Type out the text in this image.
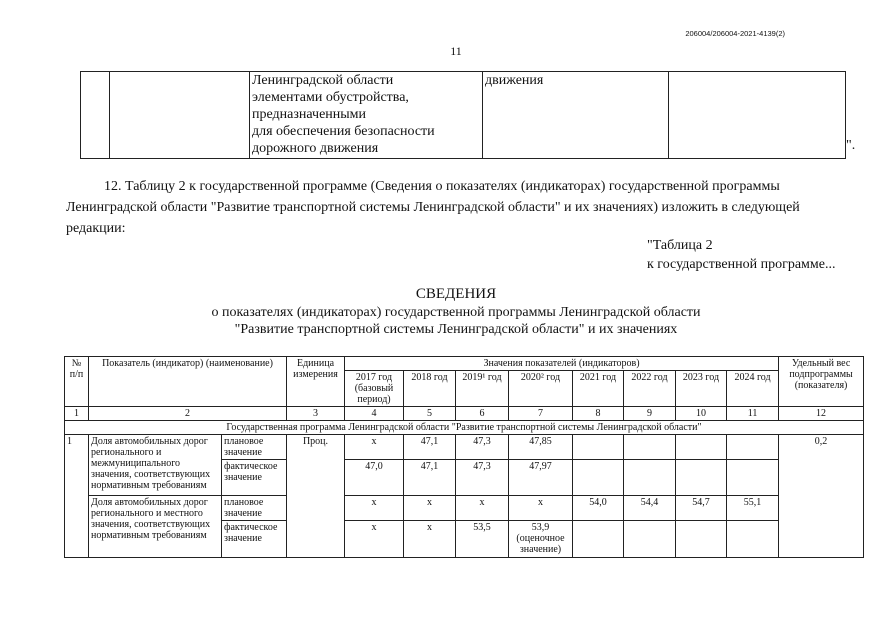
206004/206004-2021-4139(2)
11

Ленинградской области
элементами обустройства,
предназначенными
для обеспечения безопасности
дорожного движения
	движения	
".
12. Таблицу 2 к государственной программе (Сведения о показателях (индикаторах) государственной программы
Ленинградской области "Развитие транспортной системы Ленинградской области" и их значениях) изложить в следующей
редакции:
"Таблица 2
к государственной программе...
СВЕДЕНИЯ
о показателях (индикаторах) государственной программы Ленинградской области
"Развитие транспортной системы Ленинградской области" и их значениях
№ п/п	Показатель (индикатор) (наименование)		Единица измерения	Значения показателей (индикаторов)								Удельный вес подпрограммы (показателя)
				2017 год (базовый период)	2018 год	2019¹ год	2020² год	2021 год	2022 год	2023 год	2024 год	
1	2		3	4	5	6	7	8	9	10	11	12
Государственная программа Ленинградской области "Развитие транспортной системы Ленинградской области"												
1	Доля автомобильных дорог регионального и межмуниципального значения, соответствующих нормативным требованиям	плановое значение	Проц.	х	47,1	47,3	47,85					0,2
		фактическое значение		47,0	47,1	47,3	47,97					
	Доля автомобильных дорог регионального и местного значения, соответствующих нормативным требованиям	плановое значение		х	х	х	х	54,0	54,4	54,7	55,1	
		фактическое значение		х	х	53,5	53,9 (оценочное значение)					
